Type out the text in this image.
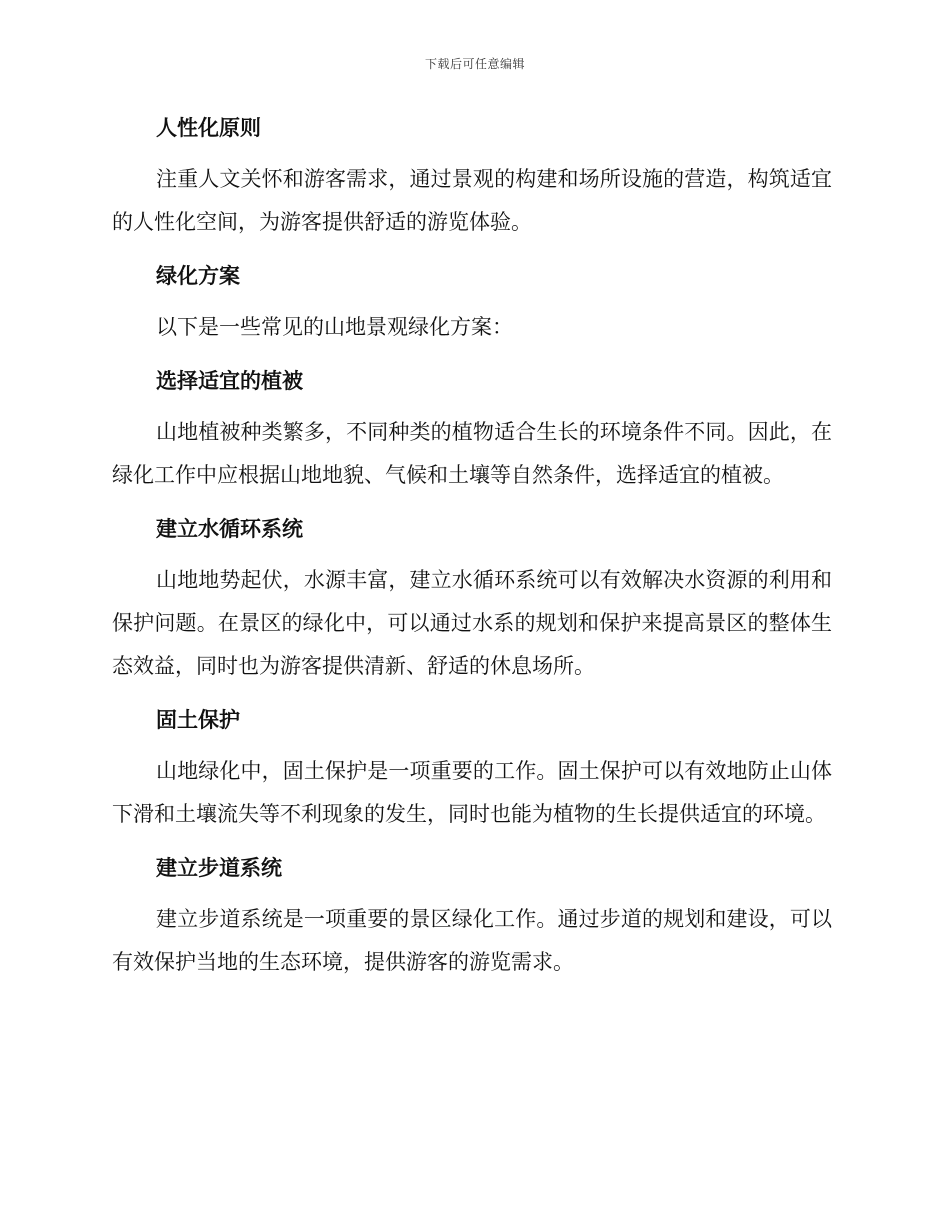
下载后可任意编辑
人性化原则

注重人文关怀和游客需求，通过景观的构建和场所设施的营造，构筑适宜的人性化空间，为游客提供舒适的游览体验。

绿化方案

以下是一些常见的山地景观绿化方案：

选择适宜的植被

山地植被种类繁多，不同种类的植物适合生长的环境条件不同。因此，在绿化工作中应根据山地地貌、气候和土壤等自然条件，选择适宜的植被。

建立水循环系统

山地地势起伏，水源丰富，建立水循环系统可以有效解决水资源的利用和保护问题。在景区的绿化中，可以通过水系的规划和保护来提高景区的整体生态效益，同时也为游客提供清新、舒适的休息场所。

固土保护

山地绿化中，固土保护是一项重要的工作。固土保护可以有效地防止山体下滑和土壤流失等不利现象的发生，同时也能为植物的生长提供适宜的环境。

建立步道系统

建立步道系统是一项重要的景区绿化工作。通过步道的规划和建设，可以有效保护当地的生态环境，提供游客的游览需求。
